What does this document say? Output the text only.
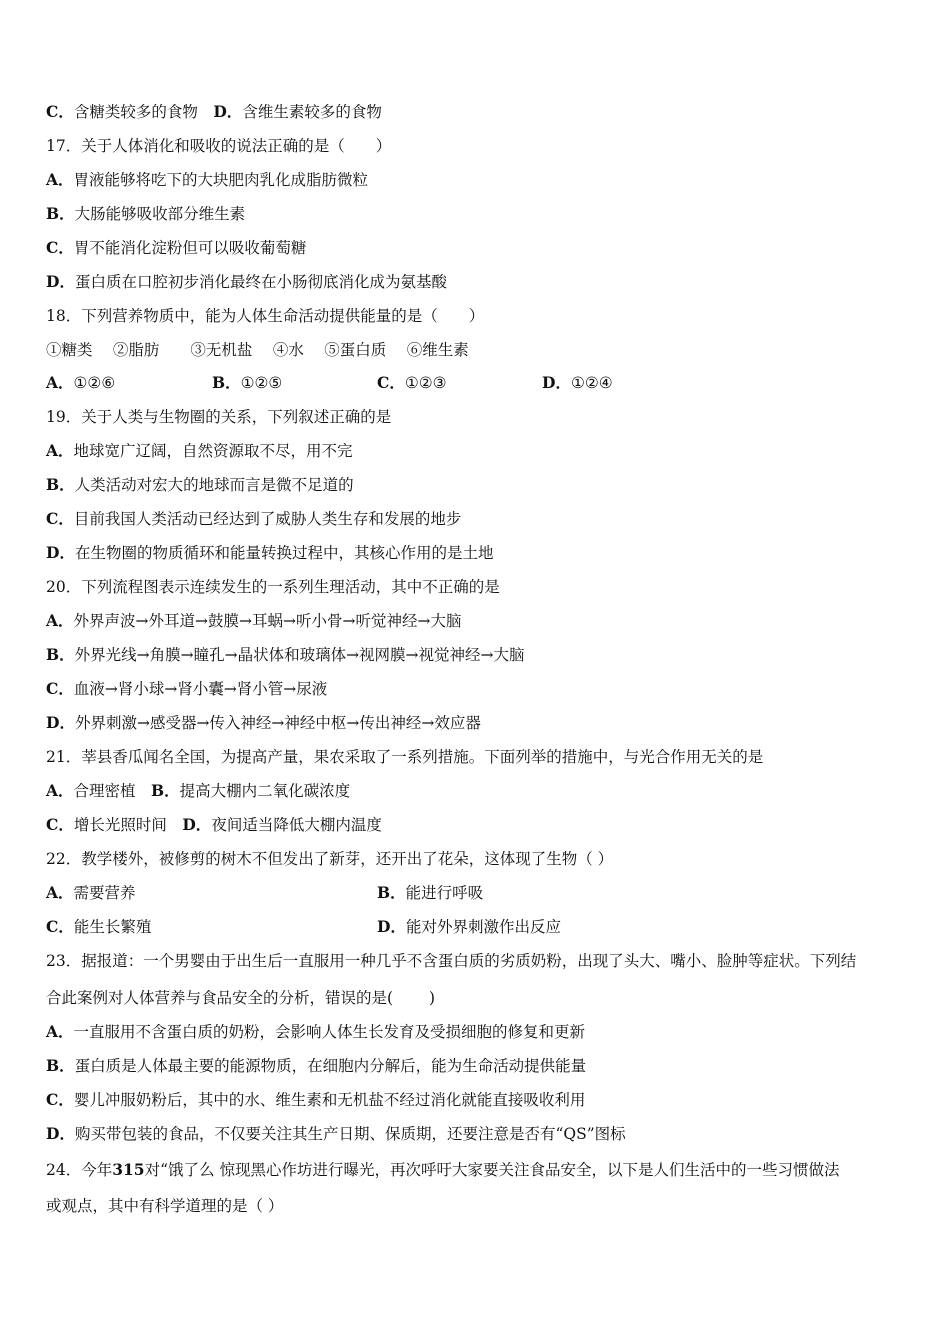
C．含糖类较多的食物　D．含维生素较多的食物
17．关于人体消化和吸收的说法正确的是（　　）
A．胃液能够将吃下的大块肥肉乳化成脂肪微粒
B．大肠能够吸收部分维生素
C．胃不能消化淀粉但可以吸收葡萄糖
D．蛋白质在口腔初步消化最终在小肠彻底消化成为氨基酸
18．下列营养物质中，能为人体生命活动提供能量的是（　　）
①糖类　 ②脂肪　　③无机盐　 ④水　 ⑤蛋白质　 ⑥维生素
A．①②⑥	B．①②⑤	C．①②③	D．①②④
19．关于人类与生物圈的关系，下列叙述正确的是
A．地球宽广辽阔，自然资源取不尽，用不完
B．人类活动对宏大的地球而言是微不足道的
C．目前我国人类活动已经达到了威胁人类生存和发展的地步
D．在生物圈的物质循环和能量转换过程中，其核心作用的是土地
20．下列流程图表示连续发生的一系列生理活动，其中不正确的是
A．外界声波→外耳道→鼓膜→耳蜗→听小骨→听觉神经→大脑
B．外界光线→角膜→瞳孔→晶状体和玻璃体→视网膜→视觉神经→大脑
C．血液→肾小球→肾小囊→肾小管→尿液
D．外界刺激→感受器→传入神经→神经中枢→传出神经→效应器
21．莘县香瓜闻名全国，为提高产量，果农采取了一系列措施。下面列举的措施中，与光合作用无关的是
A．合理密植　B．提高大棚内二氧化碳浓度
C．增长光照时间　D．夜间适当降低大棚内温度
22．教学楼外，被修剪的树木不但发出了新芽，还开出了花朵，这体现了生物（ ）
A．需要营养	B．能进行呼吸
C．能生长繁殖	D．能对外界刺激作出反应
23．据报道：一个男婴由于出生后一直服用一种几乎不含蛋白质的劣质奶粉，出现了头大、嘴小、脸肿等症状。下列结
合此案例对人体营养与食品安全的分析，错误的是(　　 )
A．一直服用不含蛋白质的奶粉，会影响人体生长发育及受损细胞的修复和更新
B．蛋白质是人体最主要的能源物质，在细胞内分解后，能为生命活动提供能量
C．婴儿冲服奶粉后，其中的水、维生素和无机盐不经过消化就能直接吸收利用
D．购买带包装的食品，不仅要关注其生产日期、保质期，还要注意是否有“QS”图标
24．今年315对“饿了么 惊现黑心作坊进行曝光，再次呼吁大家要关注食品安全，以下是人们生活中的一些习惯做法
或观点，其中有科学道理的是（ ）
